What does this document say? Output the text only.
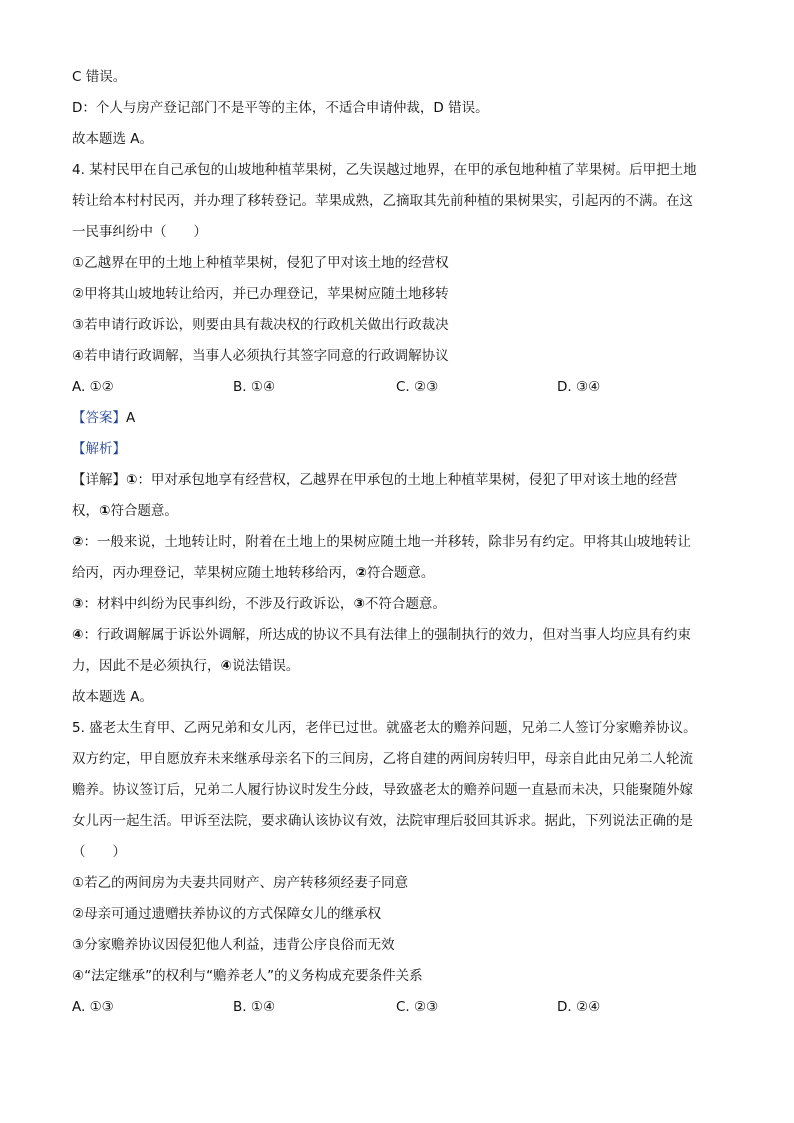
C 错误。
D：个人与房产登记部门不是平等的主体，不适合申请仲裁，D 错误。
故本题选 A。
4. 某村民甲在自己承包的山坡地种植苹果树，乙失误越过地界，在甲的承包地种植了苹果树。后甲把土地
转让给本村村民丙，并办理了移转登记。苹果成熟，乙摘取其先前种植的果树果实，引起丙的不满。在这
一民事纠纷中（　　）
①乙越界在甲的土地上种植苹果树，侵犯了甲对该土地的经营权
②甲将其山坡地转让给丙，并已办理登记，苹果树应随土地移转
③若申请行政诉讼，则要由具有裁决权的行政机关做出行政裁决
④若申请行政调解，当事人必须执行其签字同意的行政调解协议
A. ①②	B. ①④	C. ②③	D. ③④
【答案】A
【解析】
【详解】①：甲对承包地享有经营权，乙越界在甲承包的土地上种植苹果树，侵犯了甲对该土地的经营
权，①符合题意。
②：一般来说，土地转让时，附着在土地上的果树应随土地一并移转，除非另有约定。甲将其山坡地转让
给丙，丙办理登记，苹果树应随土地转移给丙，②符合题意。
③：材料中纠纷为民事纠纷，不涉及行政诉讼，③不符合题意。
④：行政调解属于诉讼外调解，所达成的协议不具有法律上的强制执行的效力，但对当事人均应具有约束
力，因此不是必须执行，④说法错误。
故本题选 A。
5. 盛老太生育甲、乙两兄弟和女儿丙，老伴已过世。就盛老太的赡养问题，兄弟二人签订分家赡养协议。
双方约定，甲自愿放弃未来继承母亲名下的三间房，乙将自建的两间房转归甲，母亲自此由兄弟二人轮流
赡养。协议签订后，兄弟二人履行协议时发生分歧，导致盛老太的赡养问题一直悬而未决，只能聚随外嫁
女儿丙一起生活。甲诉至法院，要求确认该协议有效，法院审理后驳回其诉求。据此，下列说法正确的是
（　　）
①若乙的两间房为夫妻共同财产、房产转移须经妻子同意
②母亲可通过遗赠扶养协议的方式保障女儿的继承权
③分家赡养协议因侵犯他人利益，违背公序良俗而无效
④“法定继承”的权利与“赡养老人”的义务构成充要条件关系
A. ①③	B. ①④	C. ②③	D. ②④
